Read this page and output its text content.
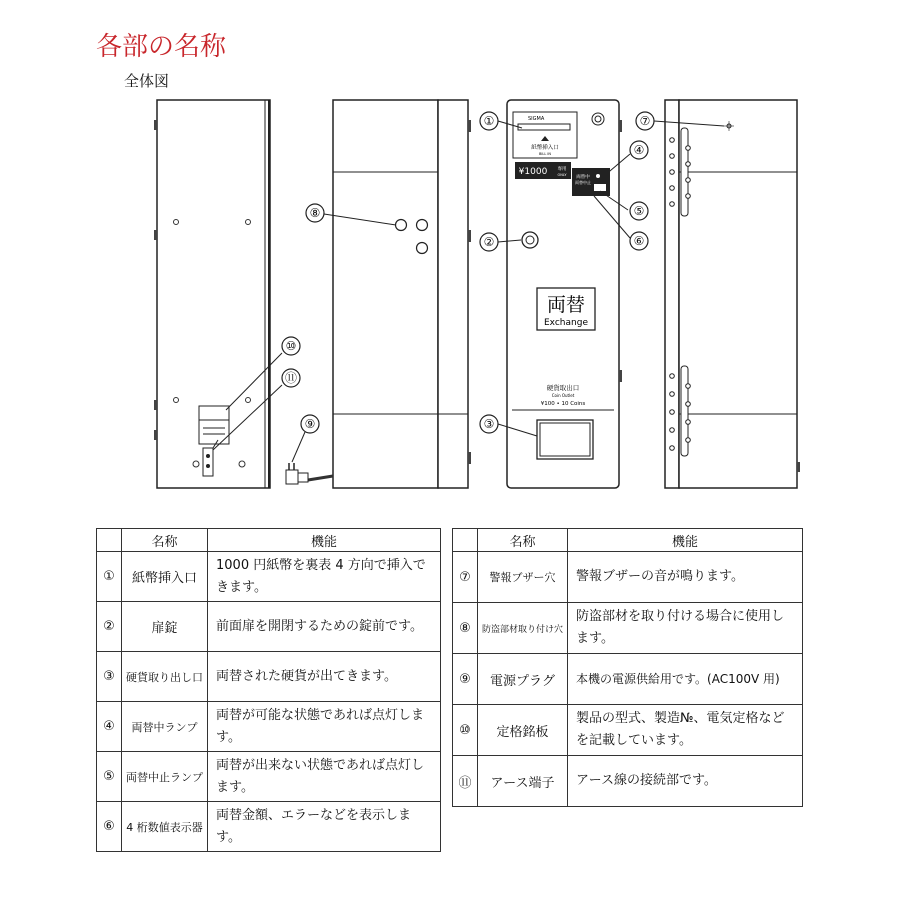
各部の名称
全体図
SIGMA
紙幣挿入口
BILL IN
¥1000 専用
ONLY 両替中
両替中止
両替
Exchange
硬貨取出口
Coin Outlet
¥100 • 10 Coins
①
②
③
④
⑤
⑥
⑦
⑧
⑨
⑩
⑪
	名称	機能
①	紙幣挿入口	1000 円紙幣を裏表 4 方向で挿入できます。
②	扉錠	前面扉を開閉するための錠前です。
③	硬貨取り出し口	両替された硬貨が出てきます。
④	両替中ランプ	両替が可能な状態であれば点灯します。
⑤	両替中止ランプ	両替が出来ない状態であれば点灯します。
⑥	4 桁数値表示器	両替金額、エラーなどを表示します。
	名称	機能
⑦	警報ブザー穴	警報ブザーの音が鳴ります。
⑧	防盗部材取り付け穴	防盗部材を取り付ける場合に使用します。
⑨	電源プラグ	本機の電源供給用です。(AC100V 用)
⑩	定格銘板	製品の型式、製造№、電気定格などを記載しています。
⑪	アース端子	アース線の接続部です。
